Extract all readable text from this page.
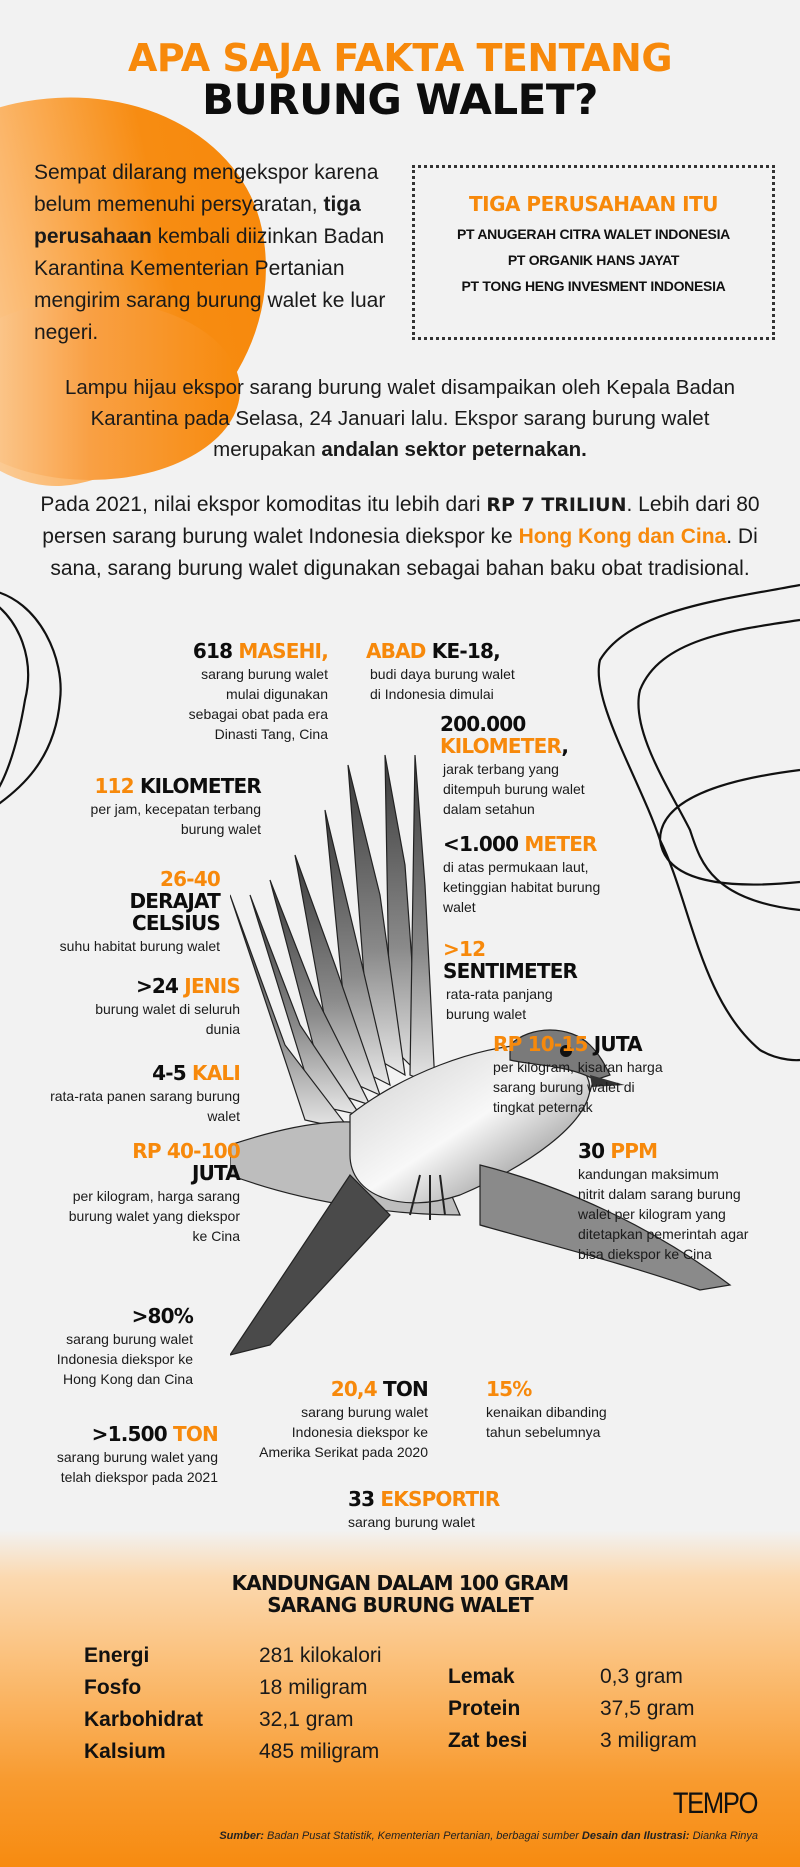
APA SAJA FAKTA TENTANG
BURUNG WALET?
Sempat dilarang mengekspor karena belum memenuhi persyaratan, tiga perusahaan kembali diizinkan Badan Karantina Kementerian Pertanian mengirim sarang burung walet ke luar negeri.
TIGA PERUSAHAAN ITU
PT ANUGERAH CITRA WALET INDONESIA
PT ORGANIK HANS JAYAT
PT TONG HENG INVESMENT INDONESIA
Lampu hijau ekspor sarang burung walet disampaikan oleh Kepala Badan Karantina pada Selasa, 24 Januari lalu. Ekspor sarang burung walet merupakan andalan sektor peternakan.
Pada 2021, nilai ekspor komoditas itu lebih dari RP 7 TRILIUN. Lebih dari 80 persen sarang burung walet Indonesia diekspor ke Hong Kong dan Cina. Di sana, sarang burung walet digunakan sebagai bahan baku obat tradisional.
618 MASEHI,
sarang burung walet
mulai digunakan
sebagai obat pada era
Dinasti Tang, Cina
ABAD KE-18,
budi daya burung walet
di Indonesia dimulai
200.000
KILOMETER,
jarak terbang yang
ditempuh burung walet
dalam setahun
112 KILOMETER
per jam, kecepatan terbang
burung walet
<1.000 METER
di atas permukaan laut,
ketinggian habitat burung
walet
26-40
DERAJAT
CELSIUS
suhu habitat burung walet	>12
SENTIMETER
rata-rata panjang
burung walet
>24 JENIS
burung walet di seluruh
dunia
RP 10-15 JUTA
per kilogram, kisaran harga
sarang burung walet di
tingkat peternak
4-5 KALI
rata-rata panen sarang burung
walet
RP 40-100
JUTA
per kilogram, harga sarang
burung walet yang diekspor
ke Cina
30 PPM
kandungan maksimum
nitrit dalam sarang burung
walet per kilogram yang
ditetapkan pemerintah agar
bisa diekspor ke Cina
>80%
sarang burung walet
Indonesia diekspor ke
Hong Kong dan Cina	20,4 TON
sarang burung walet
Indonesia diekspor ke
Amerika Serikat pada 2020
15%
kenaikan dibanding
tahun sebelumnya
>1.500 TON
sarang burung walet yang
telah diekspor pada 2021
33 EKSPORTIR
sarang burung walet
KANDUNGAN DALAM 100 GRAM
SARANG BURUNG WALET
Energi	281 kilokalori
Fosfo	18 miligram
Karbohidrat	32,1 gram
Kalsium	485 miligram
Lemak	0,3 gram
Protein	37,5 gram
Zat besi	3 miligram
TEMPO
Sumber: Badan Pusat Statistik, Kementerian Pertanian, berbagai sumber Desain dan Ilustrasi: Dianka Rinya
